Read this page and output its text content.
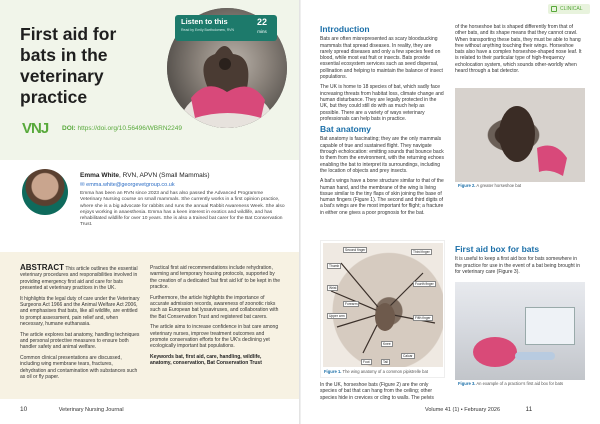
First aid for bats in the veterinary practice
Listen to this
Read by Emily Bartholomew, RVN
22
mins
VNJ DOI: https://doi.org/10.56496/WBRN2249
Emma White, RVN, APVN (Small Mammals)
✉ emma.white@georgevetgroup.co.uk

Emma has been an RVN since 2023 and has also passed the Advanced Programme Veterinary Nursing course on small mammals. She currently works in a first opinion practice, where she is a big advocate for rabbits and runs the annual Rabbit Awareness Week. She also enjoys working in anaesthesia. Emma has a keen interest in exotics and wildlife, and has rehabilitated wildlife for over 10 years. She is also a trained bat carer for the Bat Conservation Trust.

ABSTRACT This article outlines the essential veterinary procedures and responsibilities involved in providing emergency first aid and care for bats presented at veterinary practices in the UK.

It highlights the legal duty of care under the Veterinary Surgeons Act 1966 and the Animal Welfare Act 2006, and emphasises that bats, like all wildlife, are entitled to prompt assessment, pain relief and, when necessary, humane euthanasia.

The article explores bat anatomy, handling techniques and personal protective measures to ensure both handler safety and animal welfare.

Common clinical presentations are discussed, including wing membrane tears, fractures, dehydration and contamination with substances such as oil or fly paper.

Practical first aid recommendations include rehydration, warming and temporary housing protocols, supported by the creation of a dedicated 'bat first aid kit' to be kept in the practice.

Furthermore, the article highlights the importance of accurate admission records, awareness of zoonotic risks such as European bat lyssaviruses, and collaboration with the Bat Conservation Trust and registered bat carers.

The article aims to increase confidence in bat care among veterinary nurses, improve treatment outcomes and promote conservation efforts for the UK's declining yet ecologically important bat populations.

Keywords bat, first aid, care, handling, wildlife, anatomy, conservation, Bat Conservation Trust

10	Veterinary Nursing Journal
CLINICAL
Introduction

Bats are often misrepresented as scary bloodsucking mammals that spread diseases. In reality, they are rarely spread diseases and only a few species feed on blood, while most eat fruit or insects. Bats provide essential ecosystem services such as seed dispersal, pollination and helping to maintain the balance of insect populations.

The UK is home to 18 species of bat, which sadly face increasing threats from habitat loss, climate change and human disturbance. They are legally protected in the UK, but they could still do with as much help as possible. There are a variety of ways veterinary professionals can help bats in practice.

Bat anatomy

Bat anatomy is fascinating; they are the only mammals capable of true and sustained flight. They navigate through echolocation: emitting sounds that bounce back to them from the environment, with the returning echoes enabling the bat to interpret its surroundings, including the location of objects and prey insects.

A bat's wings have a bone structure similar to that of the human hand, and the membrane of the wing is living tissue similar to the tiny flaps of skin joining the base of human fingers (Figure 1). The second and third digits of a bat's wings are the most important for flight; a fracture in either one gives a poor prognosis for the bat.

Second finger
Thumb
Third finger
Wrist
Forearm
Fourth finger
Upper arm	Fifth finger
Knee
Foot
Calcar
Tail
Figure 1. The wing anatomy of a common pipistrelle bat

In the UK, horseshoe bats (Figure 2) are the only species of bat that can hang from the ceiling; other species hide in crevices or cling to walls. The pelvis

of the horseshoe bat is shaped differently from that of other bats, and its shape means that they cannot crawl. When transporting these bats, they must be able to hang free without anything touching their wings. Horseshoe bats also have a complex horseshoe-shaped nose leaf. It is related to their particular type of high-frequency echolocation system, which sounds other-worldly when heard through a bat detector.

Figure 2. A greater horseshoe bat
First aid box for bats

It is useful to keep a first aid box for bats somewhere in the practice for use in the event of a bat being brought in for veterinary care (Figure 3).

Figure 3. An example of a practice's first aid box for bats
Volume 41 (1) • February 2026	11
